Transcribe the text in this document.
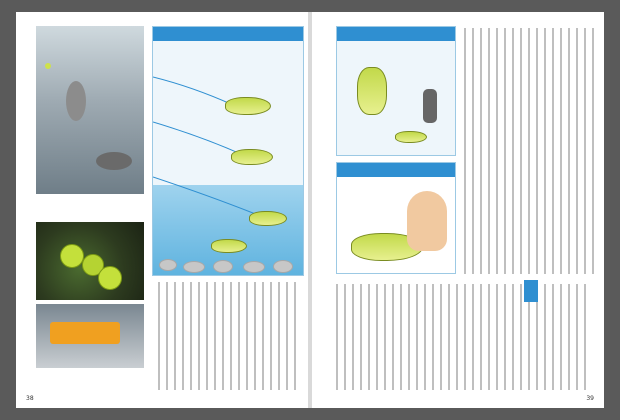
38	39
